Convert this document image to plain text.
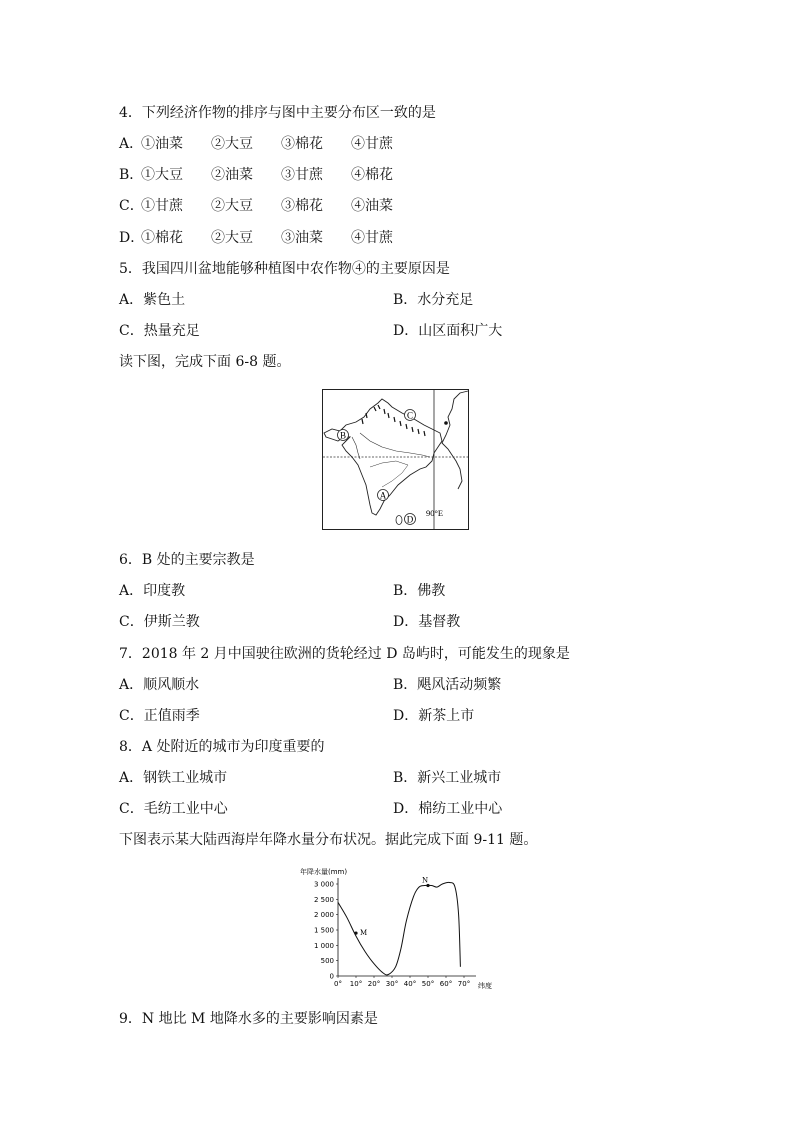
4．下列经济作物的排序与图中主要分布区一致的是
A．①油菜 ②大豆 ③棉花 ④甘蔗
B．①大豆 ②油菜 ③甘蔗 ④棉花
C．①甘蔗 ②大豆 ③棉花 ④油菜
D．①棉花 ②大豆 ③油菜 ④甘蔗
5．我国四川盆地能够种植图中农作物④的主要原因是
A．紫色土	B．水分充足
C．热量充足	D．山区面积广大
读下图，完成下面 6-8 题。
A
B
C
D
90°E
6．B 处的主要宗教是
A．印度教	B．佛教
C．伊斯兰教	D．基督教
7．2018 年 2 月中国驶往欧洲的货轮经过 D 岛屿时，可能发生的现象是
A．顺风顺水	B．飓风活动频繁
C．正值雨季	D．新茶上市
8．A 处附近的城市为印度重要的
A．钢铁工业城市	B．新兴工业城市
C．毛纺工业中心	D．棉纺工业中心
下图表示某大陆西海岸年降水量分布状况。据此完成下面 9-11 题。
年降水量(mm)
纬度
3 000
2 500
2 000
1 500
1 000
500
0
0° 10° 20° 30° 40° 50° 60° 70°
M
N
9．N 地比 M 地降水多的主要影响因素是
